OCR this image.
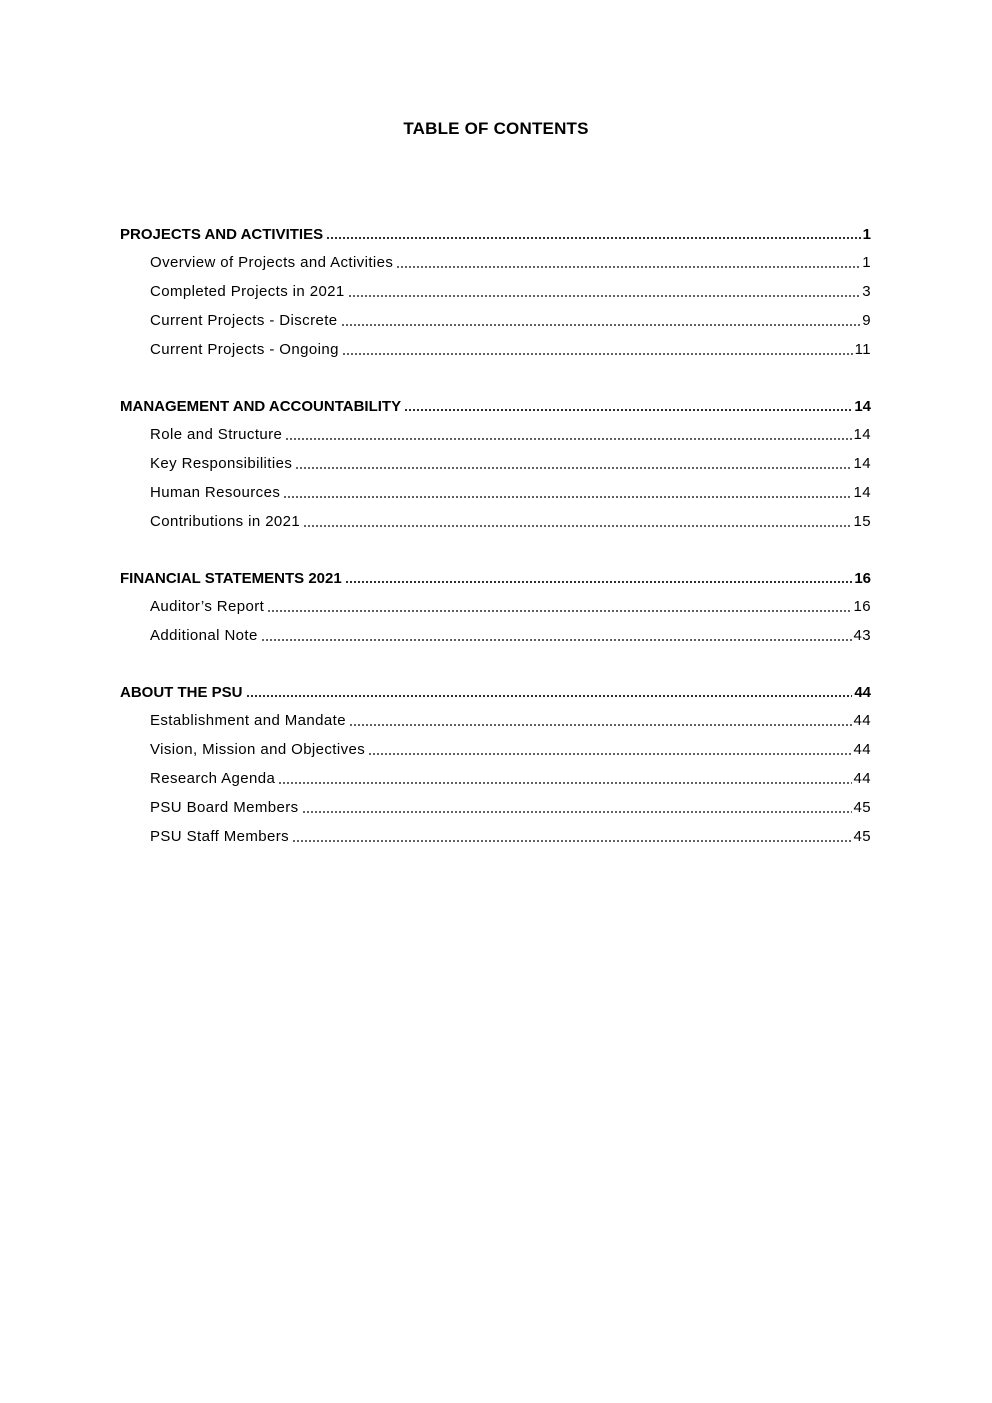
TABLE OF CONTENTS
PROJECTS AND ACTIVITIES	1
Overview of Projects and Activities	1
Completed Projects in 2021	3
Current Projects - Discrete	9
Current Projects - Ongoing	11
MANAGEMENT AND ACCOUNTABILITY	14
Role and Structure	14
Key Responsibilities	14
Human Resources	14
Contributions in 2021	15
FINANCIAL STATEMENTS 2021	16
Auditor’s Report	16
Additional Note	43
ABOUT THE PSU	44
Establishment and Mandate	44
Vision, Mission and Objectives	44
Research Agenda	44
PSU Board Members	45
PSU Staff Members	45
